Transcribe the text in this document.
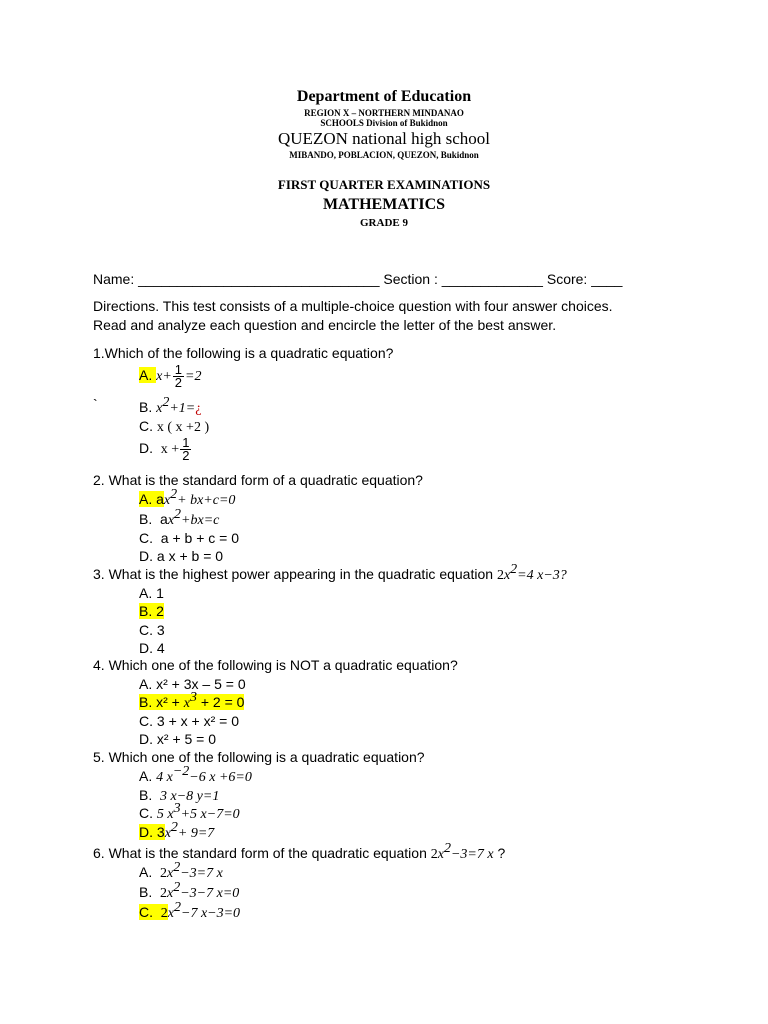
Department of Education
REGION X – NORTHERN MINDANAO
SCHOOLS Division of Bukidnon
QUEZON national high school
MIBANDO, POBLACION, QUEZON, Bukidnon
FIRST QUARTER EXAMINATIONS
MATHEMATICS
GRADE 9
Name: _______________________________ Section : _____________ Score: ____
Directions. This test consists of a multiple-choice question with four answer choices.
Read and analyze each question and encircle the letter of the best answer.
1.Which of the following is a quadratic equation?
A. $x+ \frac{1}{2} =2$
`	B. $x^2+1=¿$
C. x ( x +2 )
D. $x + \frac{1}{2}$
2. What is the standard form of a quadratic equation?
A. $ax^2+ bx+c=0$
B. $ax^2+bx=c$
C. a + b + c = 0
D. a x + b = 0
3. What is the highest power appearing in the quadratic equation $2x^2=4$ x−3?
A. 1
B. 2
C. 3
D. 4
4. Which one of the following is NOT a quadratic equation?
A. x² + 3x – 5 = 0
B. $x^2 + x^3 + 2 = 0$
C. 3 + x + x² = 0
D. x² + 5 = 0
5. Which one of the following is a quadratic equation?
A. 4 $x^{-2}-6$ x +6=0
B. 3 x−8 y=1
C. 5 $x^3+5$ x−7=0
D. $3x^2+ 9=7$
6. What is the standard form of the quadratic equation $2x^2-3=7$ x ?
A. $2x^2-3=7$ x
B. $2x^2-3-7$ x=0
C. $2x^2-7$ x−3=0
